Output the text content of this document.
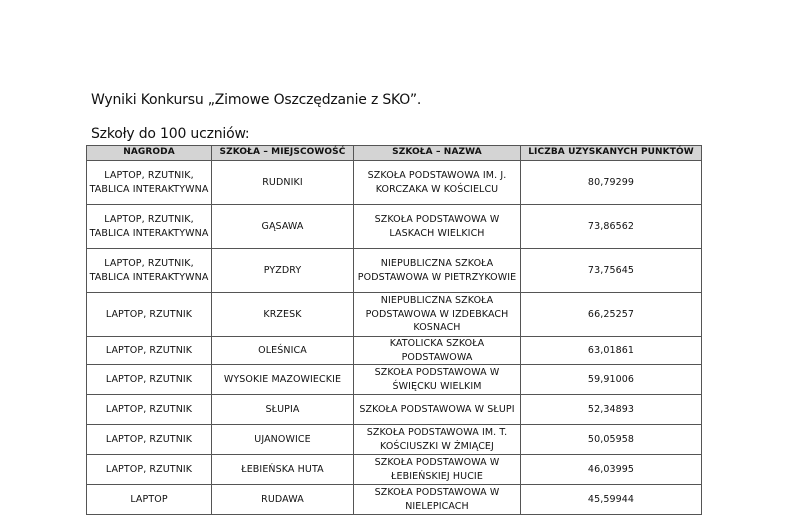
Wyniki Konkursu „Zimowe Oszczędzanie z SKO”.
Szkoły do 100 uczniów:
NAGRODA	SZKOŁA – MIEJSCOWOŚĆ	SZKOŁA – NAZWA	LICZBA UZYSKANYCH PUNKTÓW
LAPTOP, RZUTNIK, TABLICA INTERAKTYWNA	RUDNIKI	SZKOŁA PODSTAWOWA IM. J. KORCZAKA W KOŚCIELCU	80,79299
LAPTOP, RZUTNIK, TABLICA INTERAKTYWNA	GĄSAWA	SZKOŁA PODSTAWOWA W LASKACH WIELKICH	73,86562
LAPTOP, RZUTNIK, TABLICA INTERAKTYWNA	PYZDRY	NIEPUBLICZNA SZKOŁA PODSTAWOWA W PIETRZYKOWIE	73,75645
LAPTOP, RZUTNIK	KRZESK	NIEPUBLICZNA SZKOŁA PODSTAWOWA W IZDEBKACH KOSNACH	66,25257
LAPTOP, RZUTNIK	OLEŚNICA	KATOLICKA SZKOŁA PODSTAWOWA	63,01861
LAPTOP, RZUTNIK	WYSOKIE MAZOWIECKIE	SZKOŁA PODSTAWOWA W ŚWIĘCKU WIELKIM	59,91006
LAPTOP, RZUTNIK	SŁUPIA	SZKOŁA PODSTAWOWA W SŁUPI	52,34893
LAPTOP, RZUTNIK	UJANOWICE	SZKOŁA PODSTAWOWA IM. T. KOŚCIUSZKI W ŻMIĄCEJ	50,05958
LAPTOP, RZUTNIK	ŁEBIEŃSKA HUTA	SZKOŁA PODSTAWOWA W ŁEBIEŃSKIEJ HUCIE	46,03995
LAPTOP	RUDAWA	SZKOŁA PODSTAWOWA W NIELEPICACH	45,59944
